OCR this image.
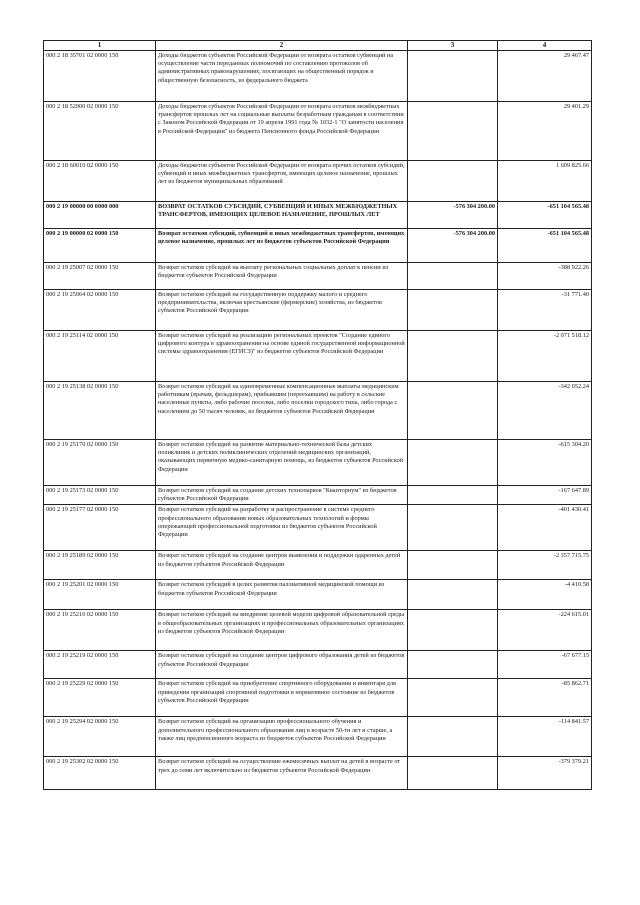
1	2	3	4
000 2 18 35701 02 0000 150	Доходы бюджетов субъектов Российской Федерации от возврата остатков субвенций на осуществление части переданных полномочий по составлению протоколов об административных правонарушениях, посягающих на общественный порядок и общественную безопасность, из федерального бюджета		29 467.47
000 2 18 52900 02 0000 150	Доходы бюджетов субъектов Российской Федерации от возврата остатков межбюджетных трансфертов прошлых лет на социальные выплаты безработным гражданам в соответствии с Законом Российской Федерации от 19 апреля 1991 года № 1032-1 "О занятости населения в Российской Федерации" из бюджета Пенсионного фонда Российской Федерации		29 401.29
000 2 18 60010 02 0000 150	Доходы бюджетов субъектов Российской Федерации от возврата прочих остатков субсидий, субвенций и иных межбюджетных трансфертов, имеющих целевое назначение, прошлых лет из бюджетов муниципальных образований		1 609 825.66
000 2 19 00000 00 0000 000	ВОЗВРАТ ОСТАТКОВ СУБСИДИЙ, СУБВЕНЦИЙ И ИНЫХ МЕЖБЮДЖЕТНЫХ ТРАНСФЕРТОВ, ИМЕЮЩИХ ЦЕЛЕВОЕ НАЗНАЧЕНИЕ, ПРОШЛЫХ ЛЕТ	-576 304 200.00	-651 104 565.48
000 2 19 00000 02 0000 150	Возврат остатков субсидий, субвенций и иных межбюджетных трансфертов, имеющих целевое назначение, прошлых лет из бюджетов субъектов Российской Федерации	-576 304 200.00	-651 104 565.48
000 2 19 25007 02 0000 150	Возврат остатков субсидий на выплату региональных социальных доплат к пенсии из бюджетов субъектов Российской Федерации		-388 922.26
000 2 19 25064 02 0000 150	Возврат остатков субсидий на государственную поддержку малого и среднего предпринимательства, включая крестьянские (фермерские) хозяйства, из бюджетов субъектов Российской Федерации		-31 771.40
000 2 19 25114 02 0000 150	Возврат остатков субсидий на реализацию региональных проектов "Создание единого цифрового контура в здравоохранении на основе единой государственной информационной системы здравоохранения (ЕГИСЗ)" из бюджетов субъектов Российской Федерации		-2 071 518.12
000 2 19 25138 02 0000 150	Возврат остатков субсидий на единовременные компенсационные выплаты медицинским работникам (врачам, фельдшерам), прибывшим (переехавшим) на работу в сельские населенные пункты, либо рабочие поселки, либо поселки городского типа, либо города с населением до 50 тысяч человек, из бюджетов субъектов Российской Федерации		-342 052.24
000 2 19 25170 02 0000 150	Возврат остатков субсидий на развитие материально-технической базы детских поликлиник и детских поликлинических отделений медицинских организаций, оказывающих первичную медико-санитарную помощь, из бюджетов субъектов Российской Федерации		-615 304.20
000 2 19 25173 02 0000 150	Возврат остатков субсидий на создание детских технопарков "Кванториум" из бюджетов субъектов Российской Федерации		-167 647.89
000 2 19 25177 02 0000 150	Возврат остатков субсидий на разработку и распространение в системе среднего профессионального образования новых образовательных технологий и формы опережающей профессиональной подготовки из бюджетов субъектов Российской Федерации		-401 430.41
000 2 19 25189 02 0000 150	Возврат остатков субсидий на создание центров выявления и поддержки одаренных детей из бюджетов субъектов Российской Федерации		-2 357 715.75
000 2 19 25201 02 0000 150	Возврат остатков субсидий в целях развития паллиативной медицинской помощи из бюджетов субъектов Российской Федерации		-4 410.58
000 2 19 25210 02 0000 150	Возврат остатков субсидий на внедрение целевой модели цифровой образовательной среды в общеобразовательных организациях и профессиональных образовательных организациях из бюджетов субъектов Российской Федерации		-224 615.01
000 2 19 25219 02 0000 150	Возврат остатков субсидий на создание центров цифрового образования детей из бюджетов субъектов Российской Федерации		-67 677.15
000 2 19 25229 02 0000 150	Возврат остатков субсидий на приобретение спортивного оборудования и инвентаря для приведения организаций спортивной подготовки в нормативное состояние из бюджетов субъектов Российской Федерации		-85 862.71
000 2 19 25294 02 0000 150	Возврат остатков субсидий на организацию профессионального обучения и дополнительного профессионального образования лиц в возрасте 50-ти лет и старше, а также лиц предпенсионного возраста из бюджетов субъектов Российской Федерации		-114 841.57
000 2 19 25302 02 0000 150	Возврат остатков субсидий на осуществление ежемесячных выплат на детей в возрасте от трех до семи лет включительно из бюджетов субъектов Российской Федерации		-379 379.21
